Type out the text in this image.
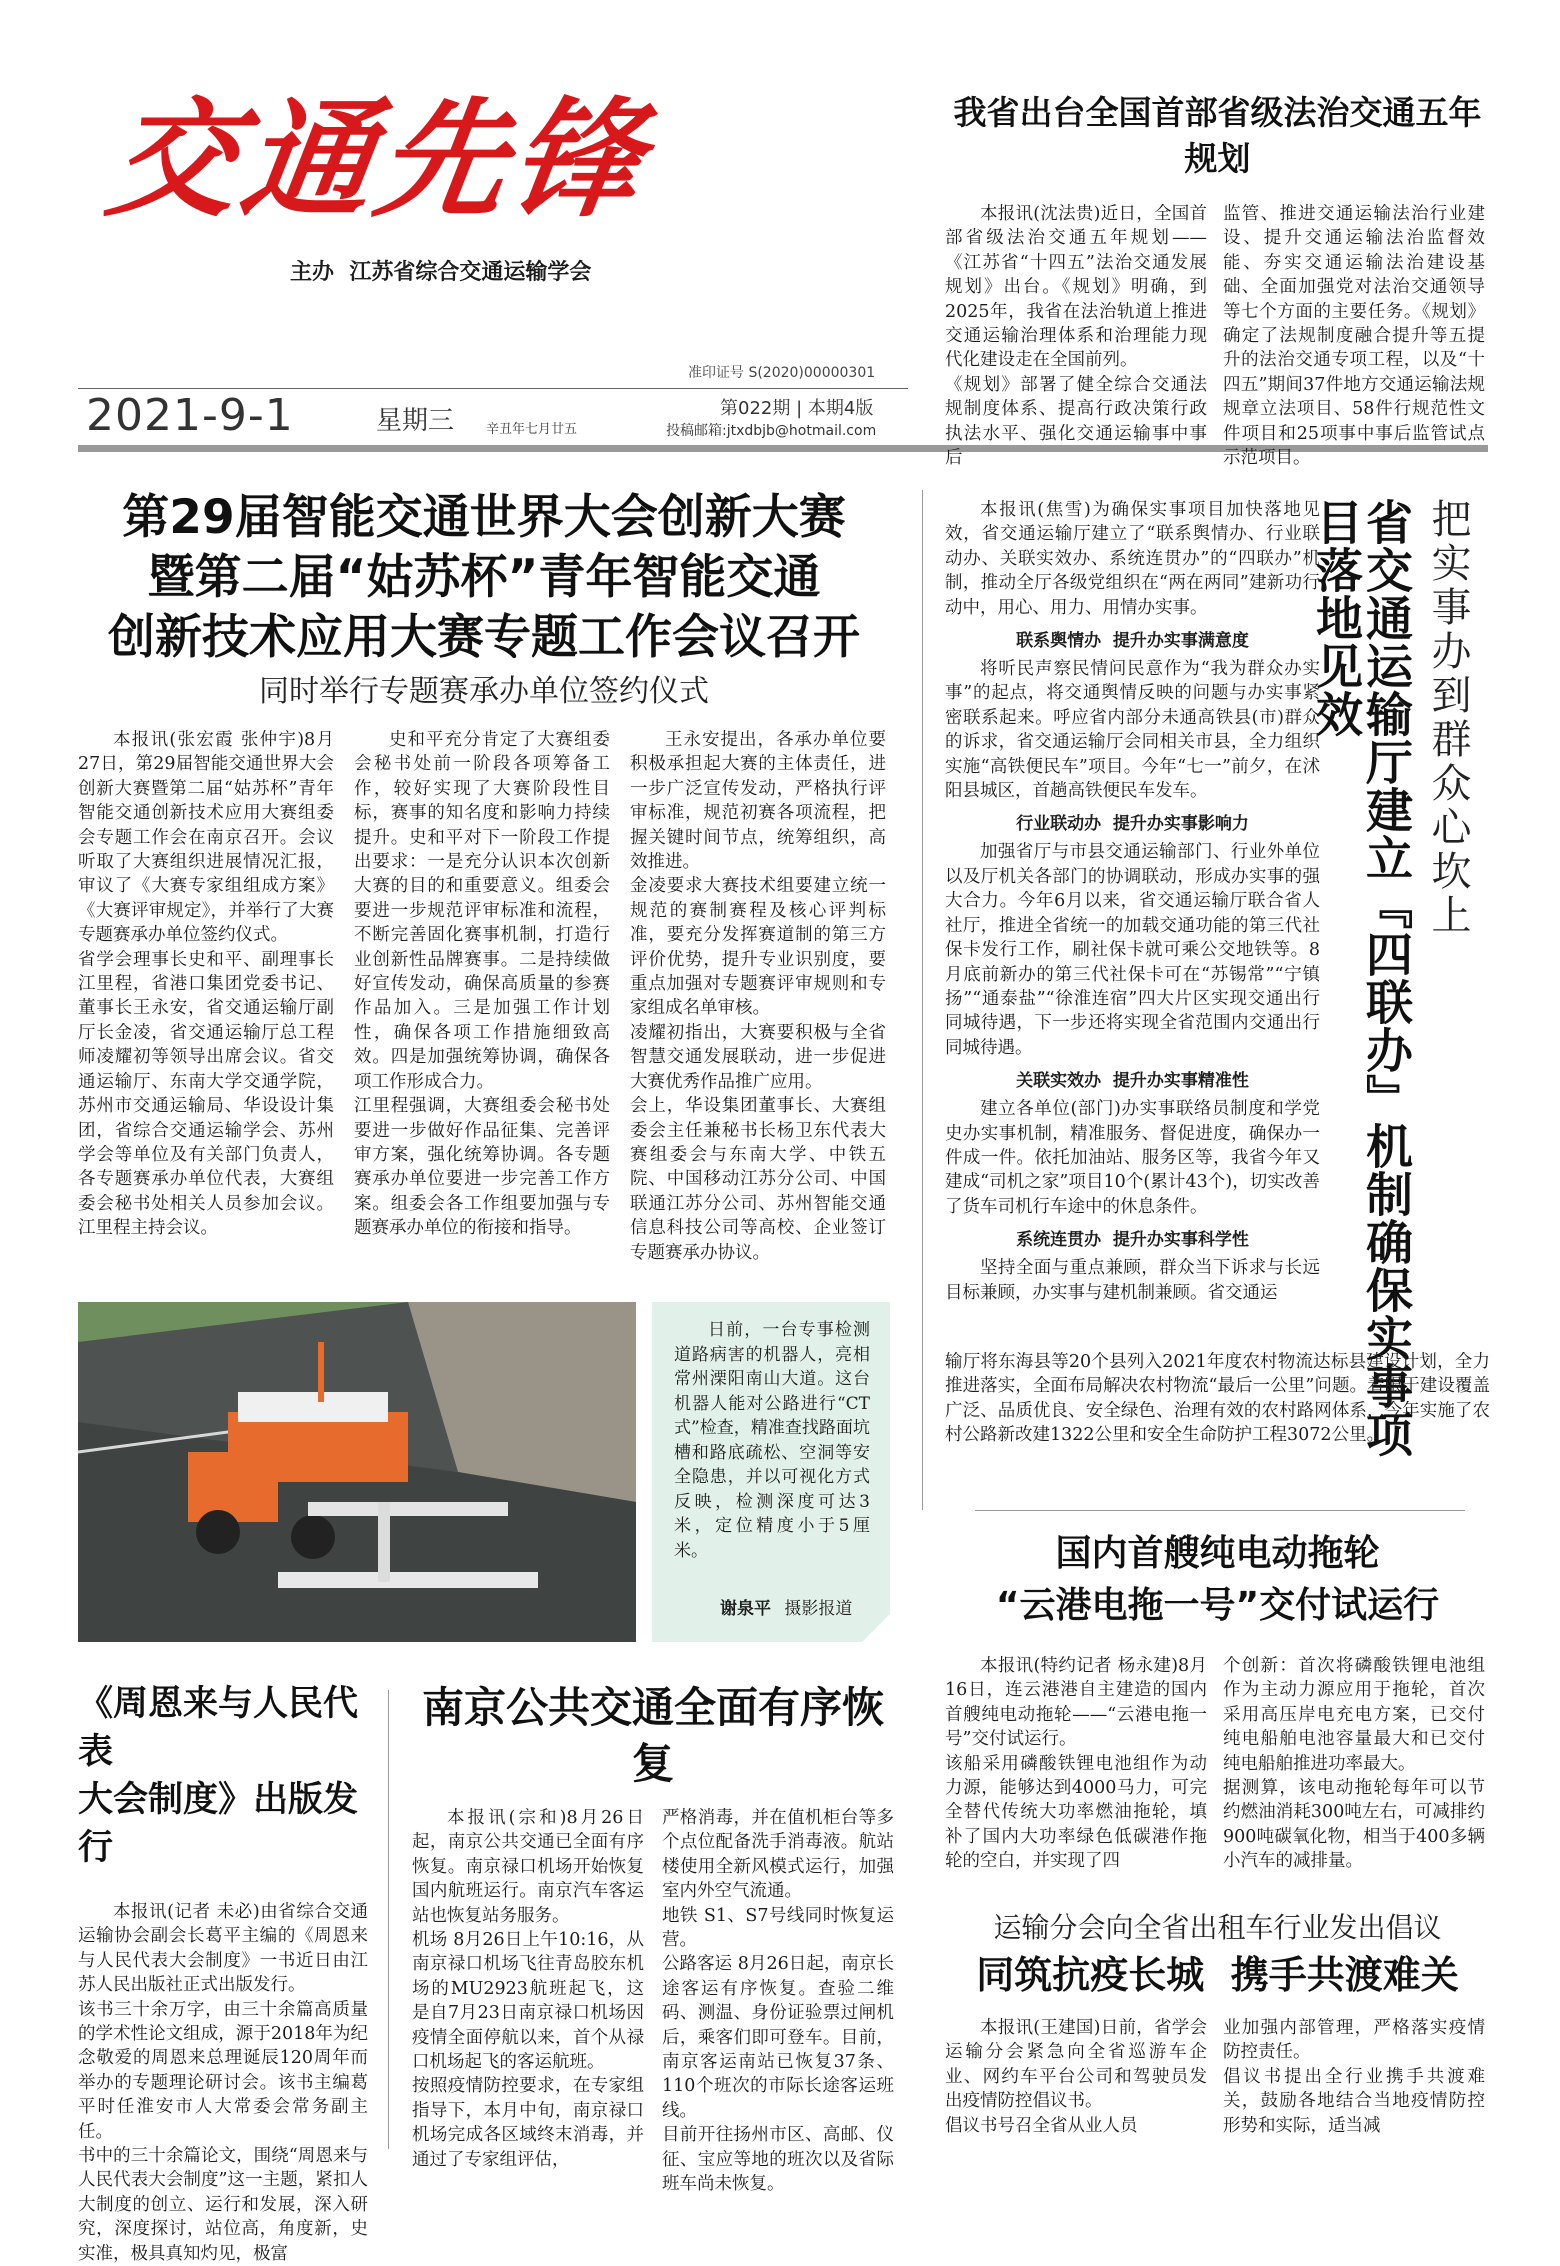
交通先锋
主办  江苏省综合交通运输学会
准印证号 S(2020)00000301
2021-9-1	星期三 辛丑年七月廿五
第022期 | 本期4版
投稿邮箱:jtxdbjb@hotmail.com
我省出台全国首部省级法治交通五年规划

本报讯(沈法贵)近日，全国首部省级法治交通五年规划——《江苏省“十四五”法治交通发展规划》出台。《规划》明确，到2025年，我省在法治轨道上推进交通运输治理体系和治理能力现代化建设走在全国前列。
《规划》部署了健全综合交通法规制度体系、提高行政决策行政执法水平、强化交通运输事中事后

监管、推进交通运输法治行业建设、提升交通运输法治监督效能、夯实交通运输法治建设基础、全面加强党对法治交通领导等七个方面的主要任务。《规划》确定了法规制度融合提升等五提升的法治交通专项工程，以及“十四五”期间37件地方交通运输法规规章立法项目、58件行规范性文件项目和25项事中事后监管试点示范项目。

第29届智能交通世界大会创新大赛
暨第二届“姑苏杯”青年智能交通
创新技术应用大赛专题工作会议召开
同时举行专题赛承办单位签约仪式

本报讯(张宏霞 张仲宇)8月27日，第29届智能交通世界大会创新大赛暨第二届“姑苏杯”青年智能交通创新技术应用大赛组委会专题工作会在南京召开。会议听取了大赛组织进展情况汇报，审议了《大赛专家组组成方案》《大赛评审规定》，并举行了大赛专题赛承办单位签约仪式。
省学会理事长史和平、副理事长江里程，省港口集团党委书记、董事长王永安，省交通运输厅副厅长金凌，省交通运输厅总工程师凌耀初等领导出席会议。省交通运输厅、东南大学交通学院，苏州市交通运输局、华设设计集团，省综合交通运输学会、苏州学会等单位及有关部门负责人，各专题赛承办单位代表，大赛组委会秘书处相关人员参加会议。江里程主持会议。

史和平充分肯定了大赛组委会秘书处前一阶段各项筹备工作，较好实现了大赛阶段性目标，赛事的知名度和影响力持续提升。史和平对下一阶段工作提出要求：一是充分认识本次创新大赛的目的和重要意义。组委会要进一步规范评审标准和流程，不断完善固化赛事机制，打造行业创新性品牌赛事。二是持续做好宣传发动，确保高质量的参赛作品加入。三是加强工作计划性，确保各项工作措施细致高效。四是加强统筹协调，确保各项工作形成合力。
江里程强调，大赛组委会秘书处要进一步做好作品征集、完善评审方案，强化统筹协调。各专题赛承办单位要进一步完善工作方案。组委会各工作组要加强与专题赛承办单位的衔接和指导。

王永安提出，各承办单位要积极承担起大赛的主体责任，进一步广泛宣传发动，严格执行评审标准，规范初赛各项流程，把握关键时间节点，统筹组织，高效推进。
金凌要求大赛技术组要建立统一规范的赛制赛程及核心评判标准，要充分发挥赛道制的第三方评价优势，提升专业识别度，要重点加强对专题赛评审规则和专家组成名单审核。
凌耀初指出，大赛要积极与全省智慧交通发展联动，进一步促进大赛优秀作品推广应用。
会上，华设集团董事长、大赛组委会主任兼秘书长杨卫东代表大赛组委会与东南大学、中铁五院、中国移动江苏分公司、中国联通江苏分公司、苏州智能交通信息科技公司等高校、企业签订专题赛承办协议。

省交通运输厅建立『四联办』机制确保实事项目落地见效	把实事办到群众心坎上

本报讯(焦雪)为确保实事项目加快落地见效，省交通运输厅建立了“联系舆情办、行业联动办、关联实效办、系统连贯办”的“四联办”机制，推动全厅各级党组织在“两在两同”建新功行动中，用心、用力、用情办实事。

联系舆情办  提升办实事满意度

将听民声察民情问民意作为“我为群众办实事”的起点，将交通舆情反映的问题与办实事紧密联系起来。呼应省内部分未通高铁县(市)群众的诉求，省交通运输厅会同相关市县，全力组织实施“高铁便民车”项目。今年“七一”前夕，在沭阳县城区，首趟高铁便民车发车。

行业联动办  提升办实事影响力

加强省厅与市县交通运输部门、行业外单位以及厅机关各部门的协调联动，形成办实事的强大合力。今年6月以来，省交通运输厅联合省人社厅，推进全省统一的加载交通功能的第三代社保卡发行工作，刷社保卡就可乘公交地铁等。8月底前新办的第三代社保卡可在“苏锡常”“宁镇扬”“通泰盐”“徐淮连宿”四大片区实现交通出行同城待遇，下一步还将实现全省范围内交通出行同城待遇。

关联实效办  提升办实事精准性

建立各单位(部门)办实事联络员制度和学党史办实事机制，精准服务、督促进度，确保办一件成一件。依托加油站、服务区等，我省今年又建成“司机之家”项目10个(累计43个)，切实改善了货车司机行车途中的休息条件。

系统连贯办  提升办实事科学性

坚持全面与重点兼顾，群众当下诉求与长远目标兼顾，办实事与建机制兼顾。省交通运

输厅将东海县等20个县列入2021年度农村物流达标县建设计划，全力推进落实，全面布局解决农村物流“最后一公里”问题。着眼于建设覆盖广泛、品质优良、安全绿色、治理有效的农村路网体系，今年实施了农村公路新改建1322公里和安全生命防护工程3072公里。

日前，一台专事检测道路病害的机器人，亮相常州溧阳南山大道。这台机器人能对公路进行“CT式”检查，精准查找路面坑槽和路底疏松、空洞等安全隐患，并以可视化方式反映，检测深度可达3米，定位精度小于5厘米。

谢泉平 摄影报道
《周恩来与人民代表
大会制度》出版发行

本报讯(记者 未必)由省综合交通运输协会副会长葛平主编的《周恩来与人民代表大会制度》一书近日由江苏人民出版社正式出版发行。
该书三十余万字，由三十余篇高质量的学术性论文组成，源于2018年为纪念敬爱的周恩来总理诞辰120周年而举办的专题理论研讨会。该书主编葛平时任淮安市人大常委会常务副主任。
书中的三十余篇论文，围绕“周恩来与人民代表大会制度”这一主题，紧扣人大制度的创立、运行和发展，深入研究，深度探讨，站位高，角度新，史实准，极具真知灼见，极富

南京公共交通全面有序恢复

本报讯(宗和)8月26日起，南京公共交通已全面有序恢复。南京禄口机场开始恢复国内航班运行。南京汽车客运站也恢复站务服务。
机场 8月26日上午10:16，从南京禄口机场飞往青岛胶东机场的MU2923航班起飞，这是自7月23日南京禄口机场因疫情全面停航以来，首个从禄口机场起飞的客运航班。
按照疫情防控要求，在专家组指导下，本月中旬，南京禄口机场完成各区域终末消毒，并通过了专家组评估，

严格消毒，并在值机柜台等多个点位配备洗手消毒液。航站楼使用全新风模式运行，加强室内外空气流通。
地铁 S1、S7号线同时恢复运营。
公路客运 8月26日起，南京长途客运有序恢复。查验二维码、测温、身份证验票过闸机后，乘客们即可登车。目前，南京客运南站已恢复37条、110个班次的市际长途客运班线。
目前开往扬州市区、高邮、仪征、宝应等地的班次以及省际班车尚未恢复。

国内首艘纯电动拖轮
“云港电拖一号”交付试运行

本报讯(特约记者 杨永建)8月16日，连云港港自主建造的国内首艘纯电动拖轮——“云港电拖一号”交付试运行。
该船采用磷酸铁锂电池组作为动力源，能够达到4000马力，可完全替代传统大功率燃油拖轮，填补了国内大功率绿色低碳港作拖轮的空白，并实现了四

个创新：首次将磷酸铁锂电池组作为主动力源应用于拖轮，首次采用高压岸电充电方案，已交付纯电船舶电池容量最大和已交付纯电船舶推进功率最大。
据测算，该电动拖轮每年可以节约燃油消耗300吨左右，可减排约900吨碳氧化物，相当于400多辆小汽车的减排量。

运输分会向全省出租车行业发出倡议
同筑抗疫长城  携手共渡难关

本报讯(王建国)日前，省学会运输分会紧急向全省巡游车企业、网约车平台公司和驾驶员发出疫情防控倡议书。
倡议书号召全省从业人员

业加强内部管理，严格落实疫情防控责任。
倡议书提出全行业携手共渡难关，鼓励各地结合当地疫情防控形势和实际，适当减
